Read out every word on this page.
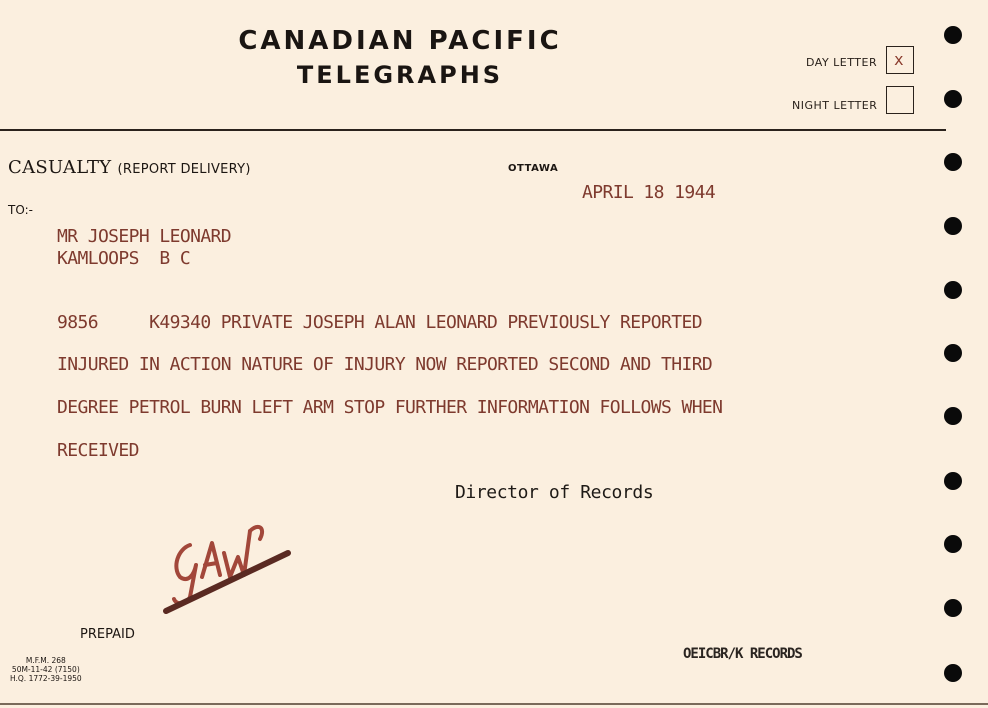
CANADIAN PACIFIC
TELEGRAPHS	DAY LETTER x
NIGHT LETTER
CASUALTY (REPORT DELIVERY)	OTTAWA
APRIL 18 1944
TO:-
MR JOSEPH LEONARD
KAMLOOPS  B C
9856     K49340 PRIVATE JOSEPH ALAN LEONARD PREVIOUSLY REPORTED
INJURED IN ACTION NATURE OF INJURY NOW REPORTED SECOND AND THIRD
DEGREE PETROL BURN LEFT ARM STOP FURTHER INFORMATION FOLLOWS WHEN
RECEIVED
Director of Records
PREPAID
M.F.M. 268
50M-11-42 (7150)
H.Q. 1772-39-1950
OEICBR/K RECORDS
